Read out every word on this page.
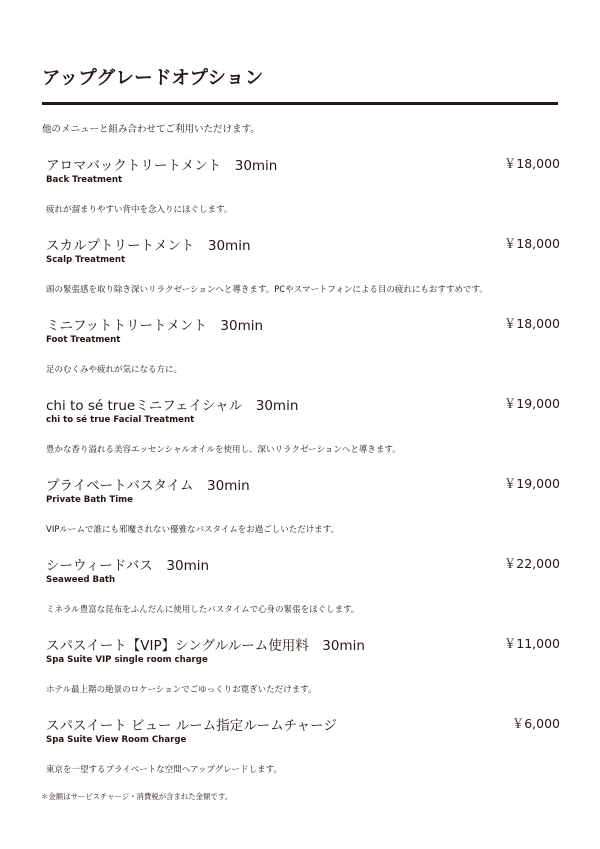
アップグレードオプション
他のメニューと組み合わせてご利用いただけます。
アロマバックトリートメント　30min	￥18,000
Back Treatment
疲れが溜まりやすい背中を念入りにほぐします。
スカルプトリートメント　30min	￥18,000
Scalp Treatment
頭の緊張感を取り除き深いリラクゼーションへと導きます。PCやスマートフォンによる目の疲れにもおすすめです。
ミニフットトリートメント　30min	￥18,000
Foot Treatment
足のむくみや疲れが気になる方に。
chi to sé trueミニフェイシャル　30min	￥19,000
chi to sé true Facial Treatment
豊かな香り溢れる美容エッセンシャルオイルを使用し、深いリラクゼーションへと導きます。
プライベートバスタイム　30min	￥19,000
Private Bath Time
VIPルームで誰にも邪魔されない優雅なバスタイムをお過ごしいただけます。
シーウィードバス　30min	￥22,000
Seaweed Bath
ミネラル豊富な昆布をふんだんに使用したバスタイムで心身の緊張をほぐします。
スパスイート【VIP】シングルルーム使用料　30min	￥11,000
Spa Suite VIP single room charge
ホテル最上階の絶景のロケーションでごゆっくりお寛ぎいただけます。
スパスイート ビュー ルーム指定ルームチャージ	￥6,000
Spa Suite View Room Charge
東京を一望するプライベートな空間へアップグレードします。
＊金額はサービスチャージ・消費税が含まれた金額です。
